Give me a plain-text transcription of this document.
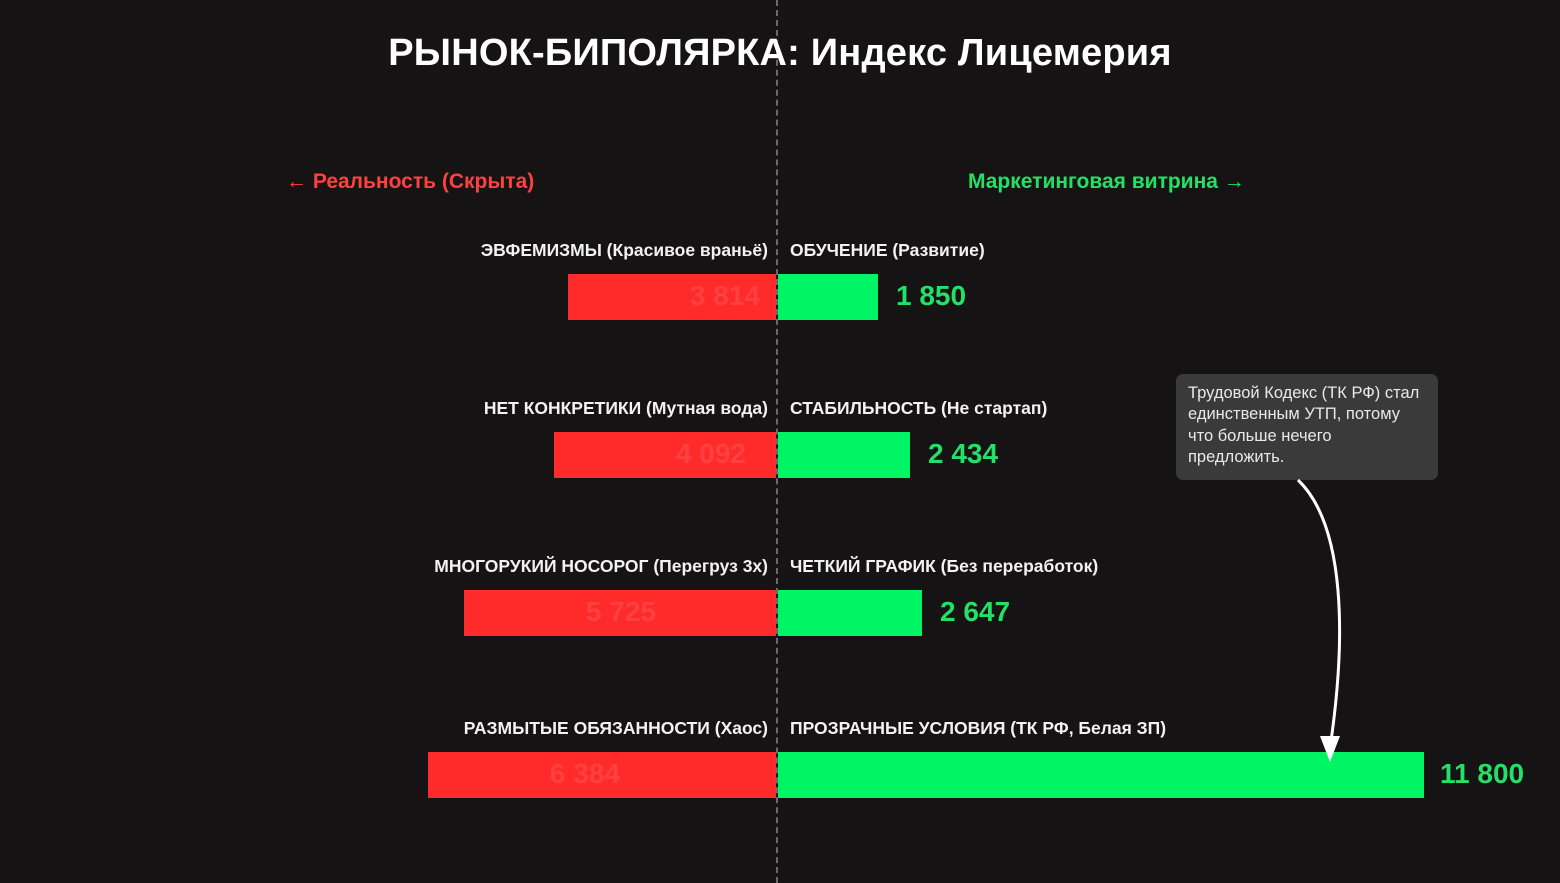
РЫНОК-БИПОЛЯРКА: Индекс Лицемерия
← Реальность (Скрыта)	Маркетинговая витрина →
ЭВФЕМИЗМЫ (Красивое враньё) ОБУЧЕНИЕ (Развитие)
3 814	1 850
НЕТ КОНКРЕТИКИ (Мутная вода) СТАБИЛЬНОСТЬ (Не стартап)
4 092	2 434
МНОГОРУКИЙ НОСОРОГ (Перегруз 3x) ЧЕТКИЙ ГРАФИК (Без переработок)
5 725	2 647
РАЗМЫТЫЕ ОБЯЗАННОСТИ (Хаос) ПРОЗРАЧНЫЕ УСЛОВИЯ (ТК РФ, Белая ЗП)
6 384	11 800
Трудовой Кодекс (ТК РФ) стал единственным УТП, потому что больше нечего предложить.
